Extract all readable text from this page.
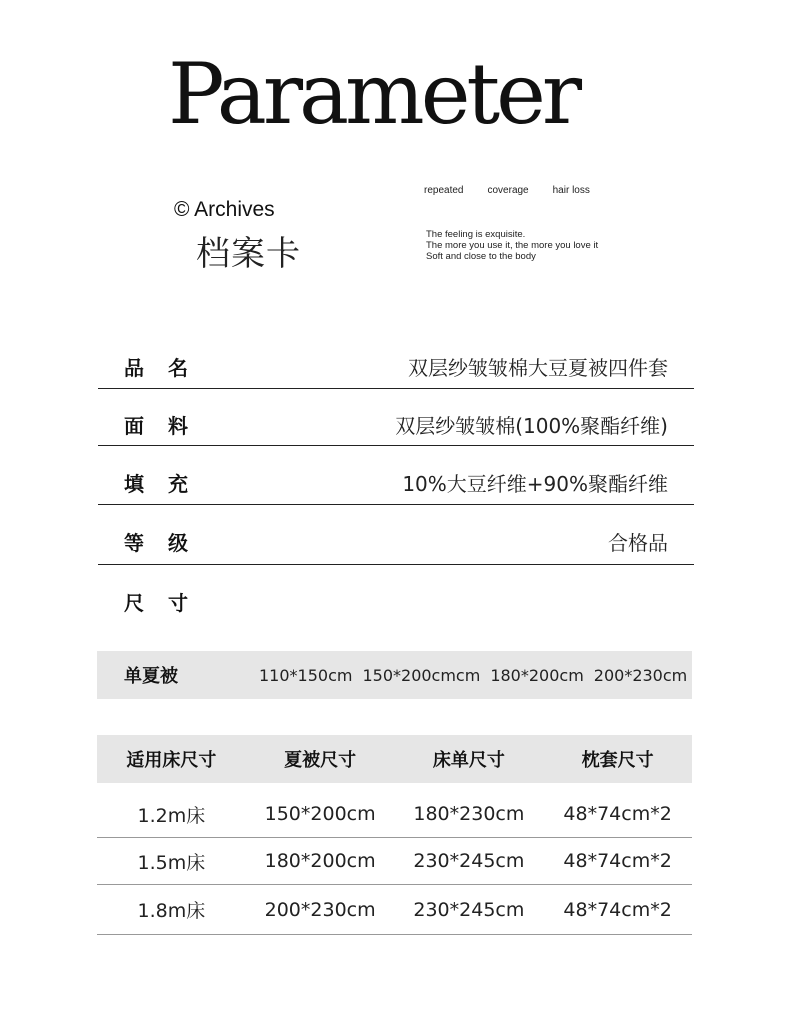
Parameter
© Archives
档案卡
repeated coverage hair loss
The feeling is exquisite.
The more you use it, the more you love it
Soft and close to the body
品名	双层纱皱皱棉大豆夏被四件套
面料	双层纱皱皱棉(100%聚酯纤维)
填充	10%大豆纤维+90%聚酯纤维
等级	合格品
尺寸
单夏被	110*150cm 150*200cmcm 180*200cm 200*230cm
适用床尺寸	夏被尺寸	床单尺寸	枕套尺寸
1.2m床	150*200cm	180*230cm	48*74cm*2
1.5m床	180*200cm	230*245cm	48*74cm*2
1.8m床	200*230cm	230*245cm	48*74cm*2
